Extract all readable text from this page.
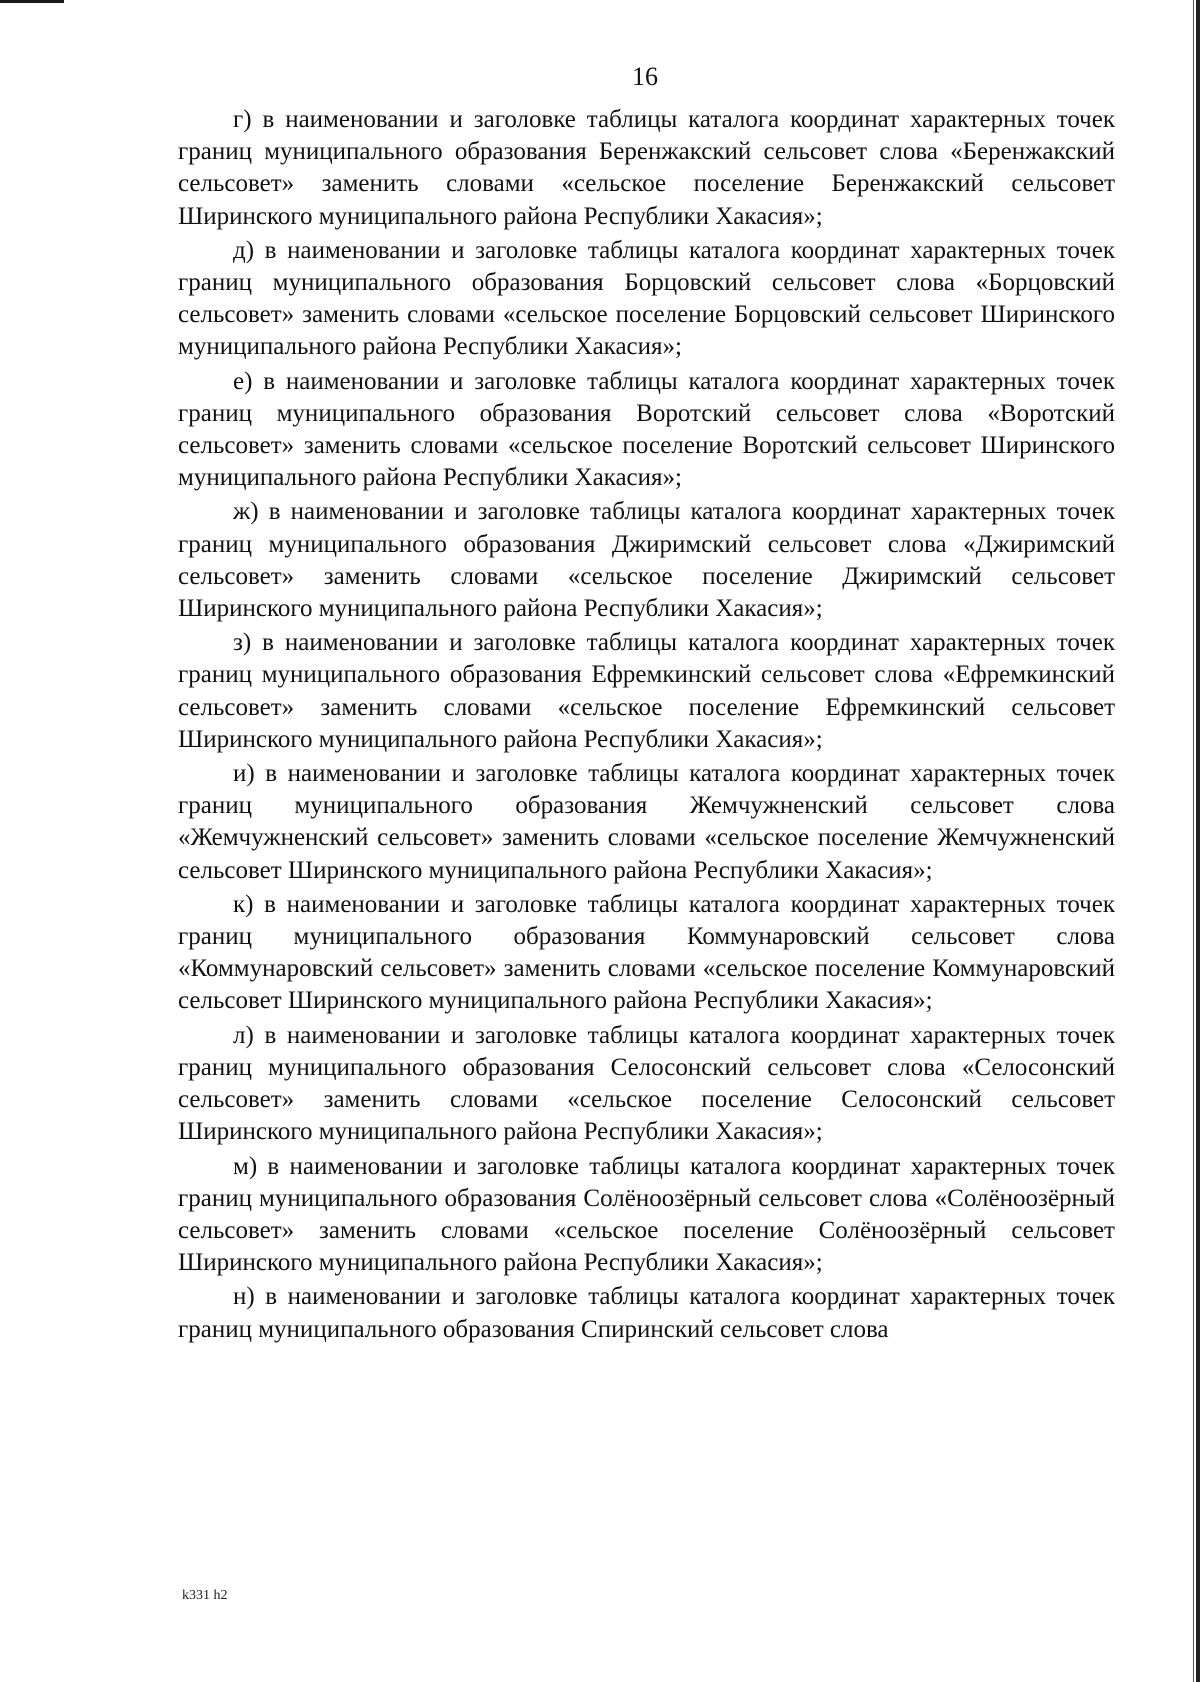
16

г) в наименовании и заголовке таблицы каталога координат характерных точек границ муниципального образования Беренжакский сельсовет слова «Беренжакский сельсовет» заменить словами «сельское поселение Беренжакский сельсовет Ширинского муниципального района Республики Хакасия»;

д) в наименовании и заголовке таблицы каталога координат характерных точек границ муниципального образования Борцовский сельсовет слова «Борцовский сельсовет» заменить словами «сельское поселение Борцовский сельсовет Ширинского муниципального района Республики Хакасия»;

е) в наименовании и заголовке таблицы каталога координат характерных точек границ муниципального образования Воротский сельсовет слова «Воротский сельсовет» заменить словами «сельское поселение Воротский сельсовет Ширинского муниципального района Республики Хакасия»;

ж) в наименовании и заголовке таблицы каталога координат характерных точек границ муниципального образования Джиримский сельсовет слова «Джиримский сельсовет» заменить словами «сельское поселение Джиримский сельсовет Ширинского муниципального района Республики Хакасия»;

з) в наименовании и заголовке таблицы каталога координат характерных точек границ муниципального образования Ефремкинский сельсовет слова «Ефремкинский сельсовет» заменить словами «сельское поселение Ефремкинский сельсовет Ширинского муниципального района Республики Хакасия»;

и) в наименовании и заголовке таблицы каталога координат характерных точек границ муниципального образования Жемчужненский сельсовет слова «Жемчужненский сельсовет» заменить словами «сельское поселение Жемчужненский сельсовет Ширинского муниципального района Республики Хакасия»;

к) в наименовании и заголовке таблицы каталога координат характерных точек границ муниципального образования Коммунаровский сельсовет слова «Коммунаровский сельсовет» заменить словами «сельское поселение Коммунаровский сельсовет Ширинского муниципального района Республики Хакасия»;

л) в наименовании и заголовке таблицы каталога координат характерных точек границ муниципального образования Селосонский сельсовет слова «Селосонский сельсовет» заменить словами «сельское поселение Селосонский сельсовет Ширинского муниципального района Республики Хакасия»;

м) в наименовании и заголовке таблицы каталога координат характерных точек границ муниципального образования Солёноозёрный сельсовет слова «Солёноозёрный сельсовет» заменить словами «сельское поселение Солёноозёрный сельсовет Ширинского муниципального района Республики Хакасия»;

н) в наименовании и заголовке таблицы каталога координат характерных точек границ муниципального образования Спиринский сельсовет слова

k331 h2
